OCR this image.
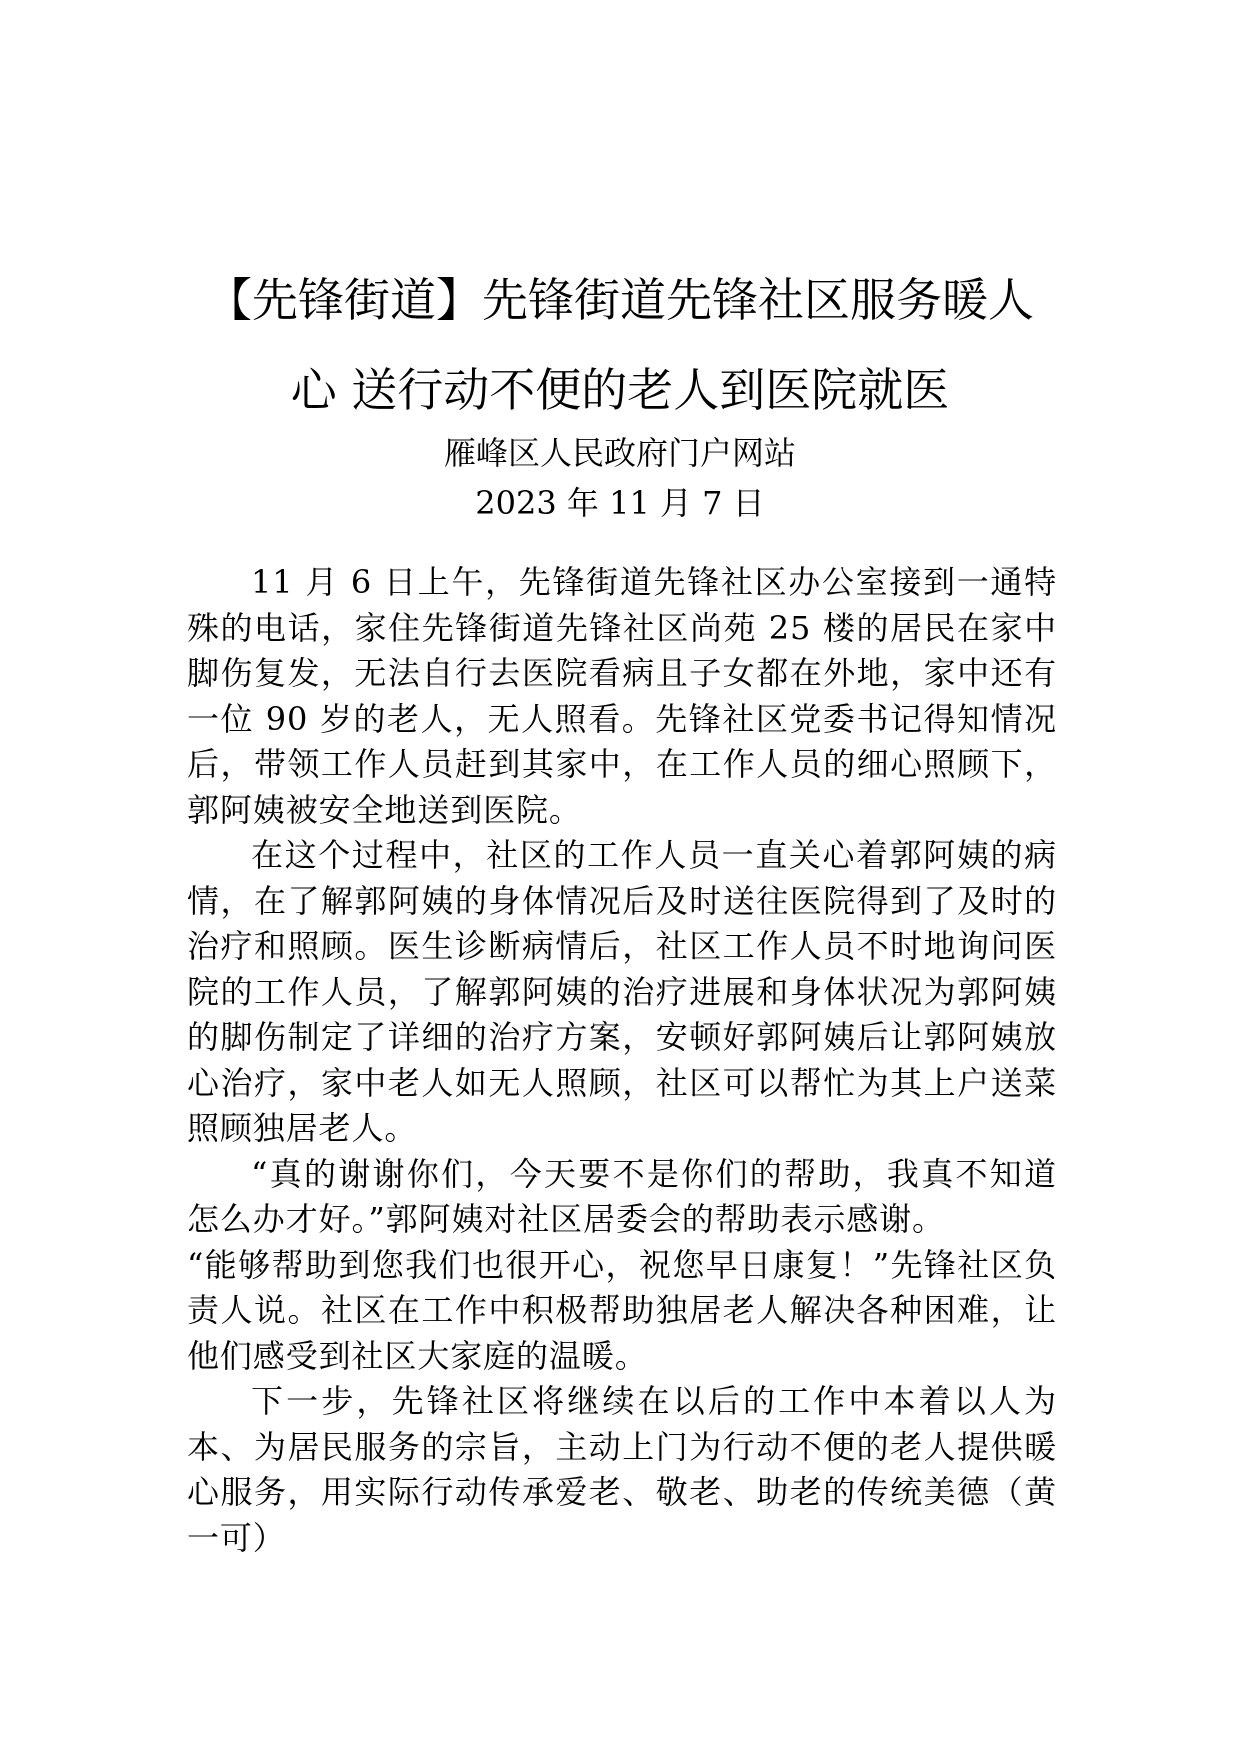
【先锋街道】先锋街道先锋社区服务暖人
心 送行动不便的老人到医院就医
雁峰区人民政府门户网站
2023 年 11 月 7 日

11 月 6 日上午，先锋街道先锋社区办公室接到一通特殊的电话，家住先锋街道先锋社区尚苑 25 楼的居民在家中脚伤复发，无法自行去医院看病且子女都在外地，家中还有一位 90 岁的老人，无人照看。先锋社区党委书记得知情况后，带领工作人员赶到其家中，在工作人员的细心照顾下，郭阿姨被安全地送到医院。

在这个过程中，社区的工作人员一直关心着郭阿姨的病情，在了解郭阿姨的身体情况后及时送往医院得到了及时的治疗和照顾。医生诊断病情后，社区工作人员不时地询问医院的工作人员，了解郭阿姨的治疗进展和身体状况为郭阿姨的脚伤制定了详细的治疗方案，安顿好郭阿姨后让郭阿姨放心治疗，家中老人如无人照顾，社区可以帮忙为其上户送菜照顾独居老人。

“真的谢谢你们，今天要不是你们的帮助，我真不知道怎么办才好。”郭阿姨对社区居委会的帮助表示感谢。

“能够帮助到您我们也很开心，祝您早日康复！”先锋社区负责人说。社区在工作中积极帮助独居老人解决各种困难，让他们感受到社区大家庭的温暖。

下一步，先锋社区将继续在以后的工作中本着以人为本、为居民服务的宗旨，主动上门为行动不便的老人提供暖心服务，用实际行动传承爱老、敬老、助老的传统美德（黄一可）
